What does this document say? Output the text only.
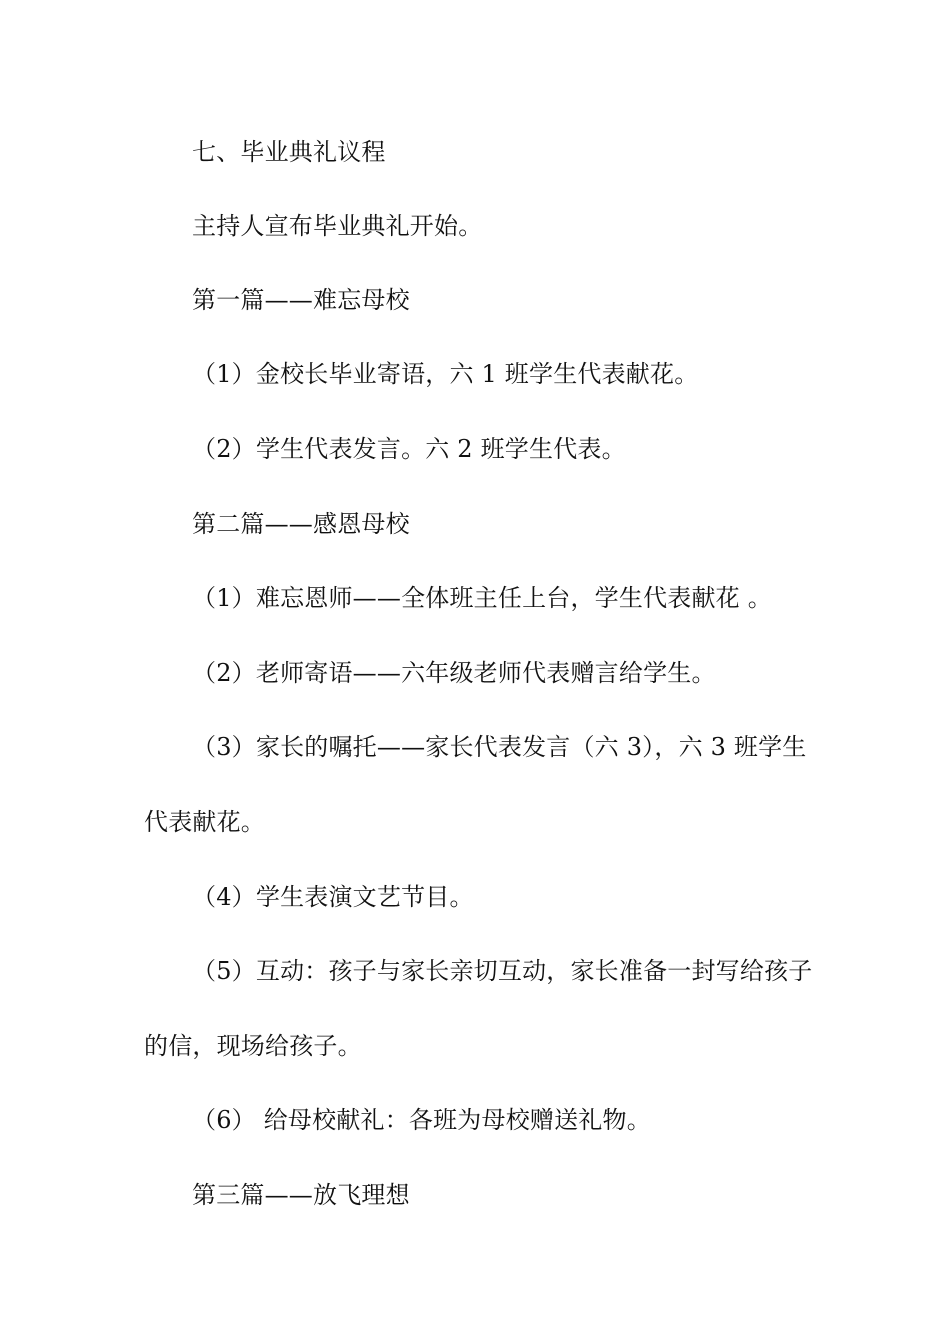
七、毕业典礼议程
主持人宣布毕业典礼开始。
第一篇——难忘母校
（1）金校长毕业寄语，六 1 班学生代表献花。
（2）学生代表发言。六 2 班学生代表。
第二篇——感恩母校
（1）难忘恩师——全体班主任上台，学生代表献花 。
（2）老师寄语——六年级老师代表赠言给学生。
（3）家长的嘱托——家长代表发言（六 3），六 3 班学生
代表献花。
（4）学生表演文艺节目。
（5）互动：孩子与家长亲切互动，家长准备一封写给孩子
的信，现场给孩子。
（6） 给母校献礼：各班为母校赠送礼物。
第三篇——放飞理想
